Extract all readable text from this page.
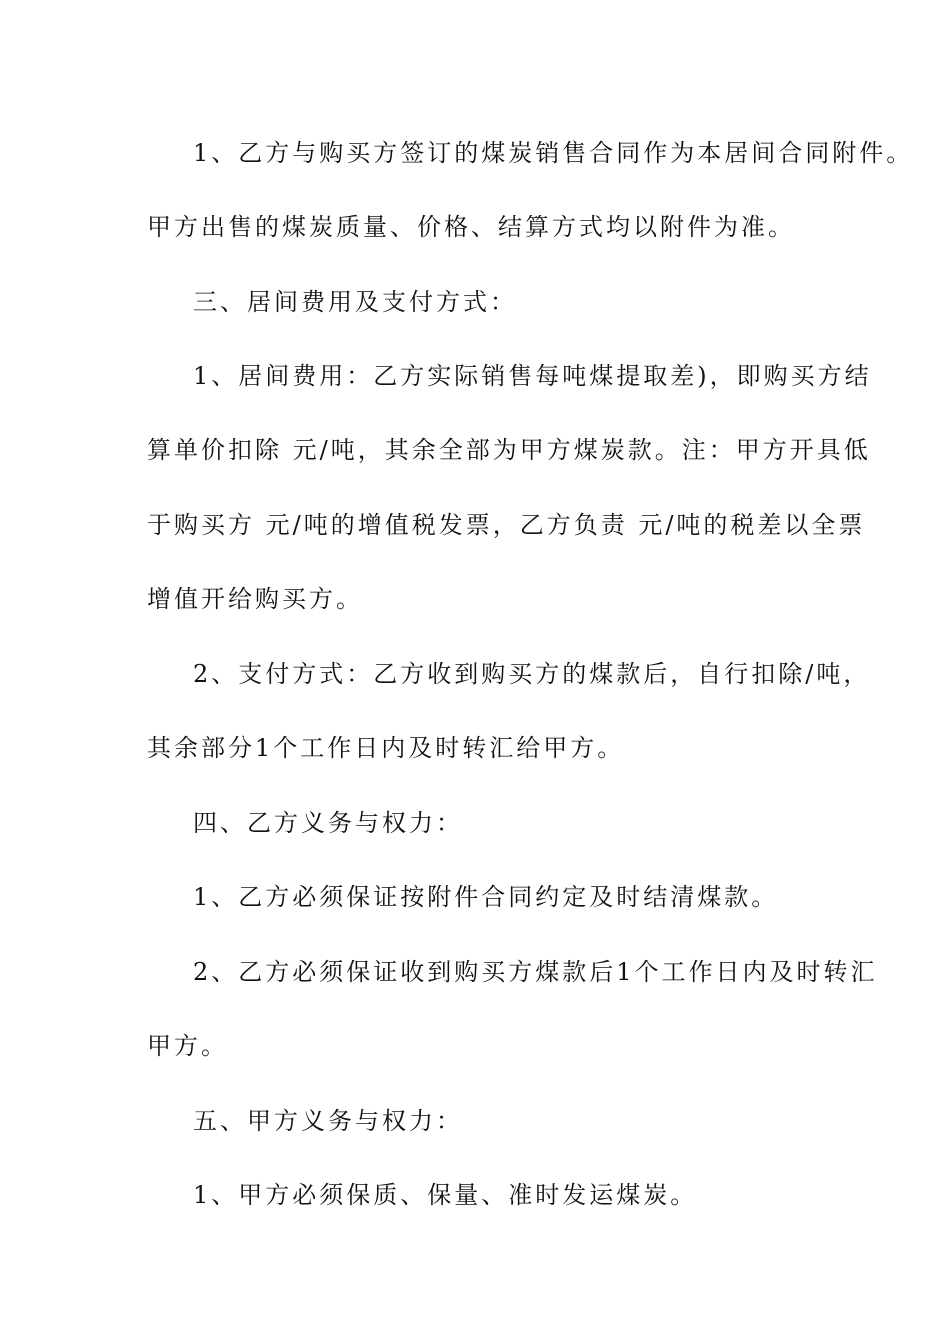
1、乙方与购买方签订的煤炭销售合同作为本居间合同附件。
甲方出售的煤炭质量、价格、结算方式均以附件为准。
三、居间费用及支付方式：
1、居间费用：乙方实际销售每吨煤提取差)，即购买方结
算单价扣除 元/吨，其余全部为甲方煤炭款。注：甲方开具低
于购买方 元/吨的增值税发票，乙方负责 元/吨的税差以全票
增值开给购买方。
2、支付方式：乙方收到购买方的煤款后，自行扣除/吨，
其余部分1个工作日内及时转汇给甲方。
四、乙方义务与权力：
1、乙方必须保证按附件合同约定及时结清煤款。
2、乙方必须保证收到购买方煤款后1个工作日内及时转汇
甲方。
五、甲方义务与权力：
1、甲方必须保质、保量、准时发运煤炭。
